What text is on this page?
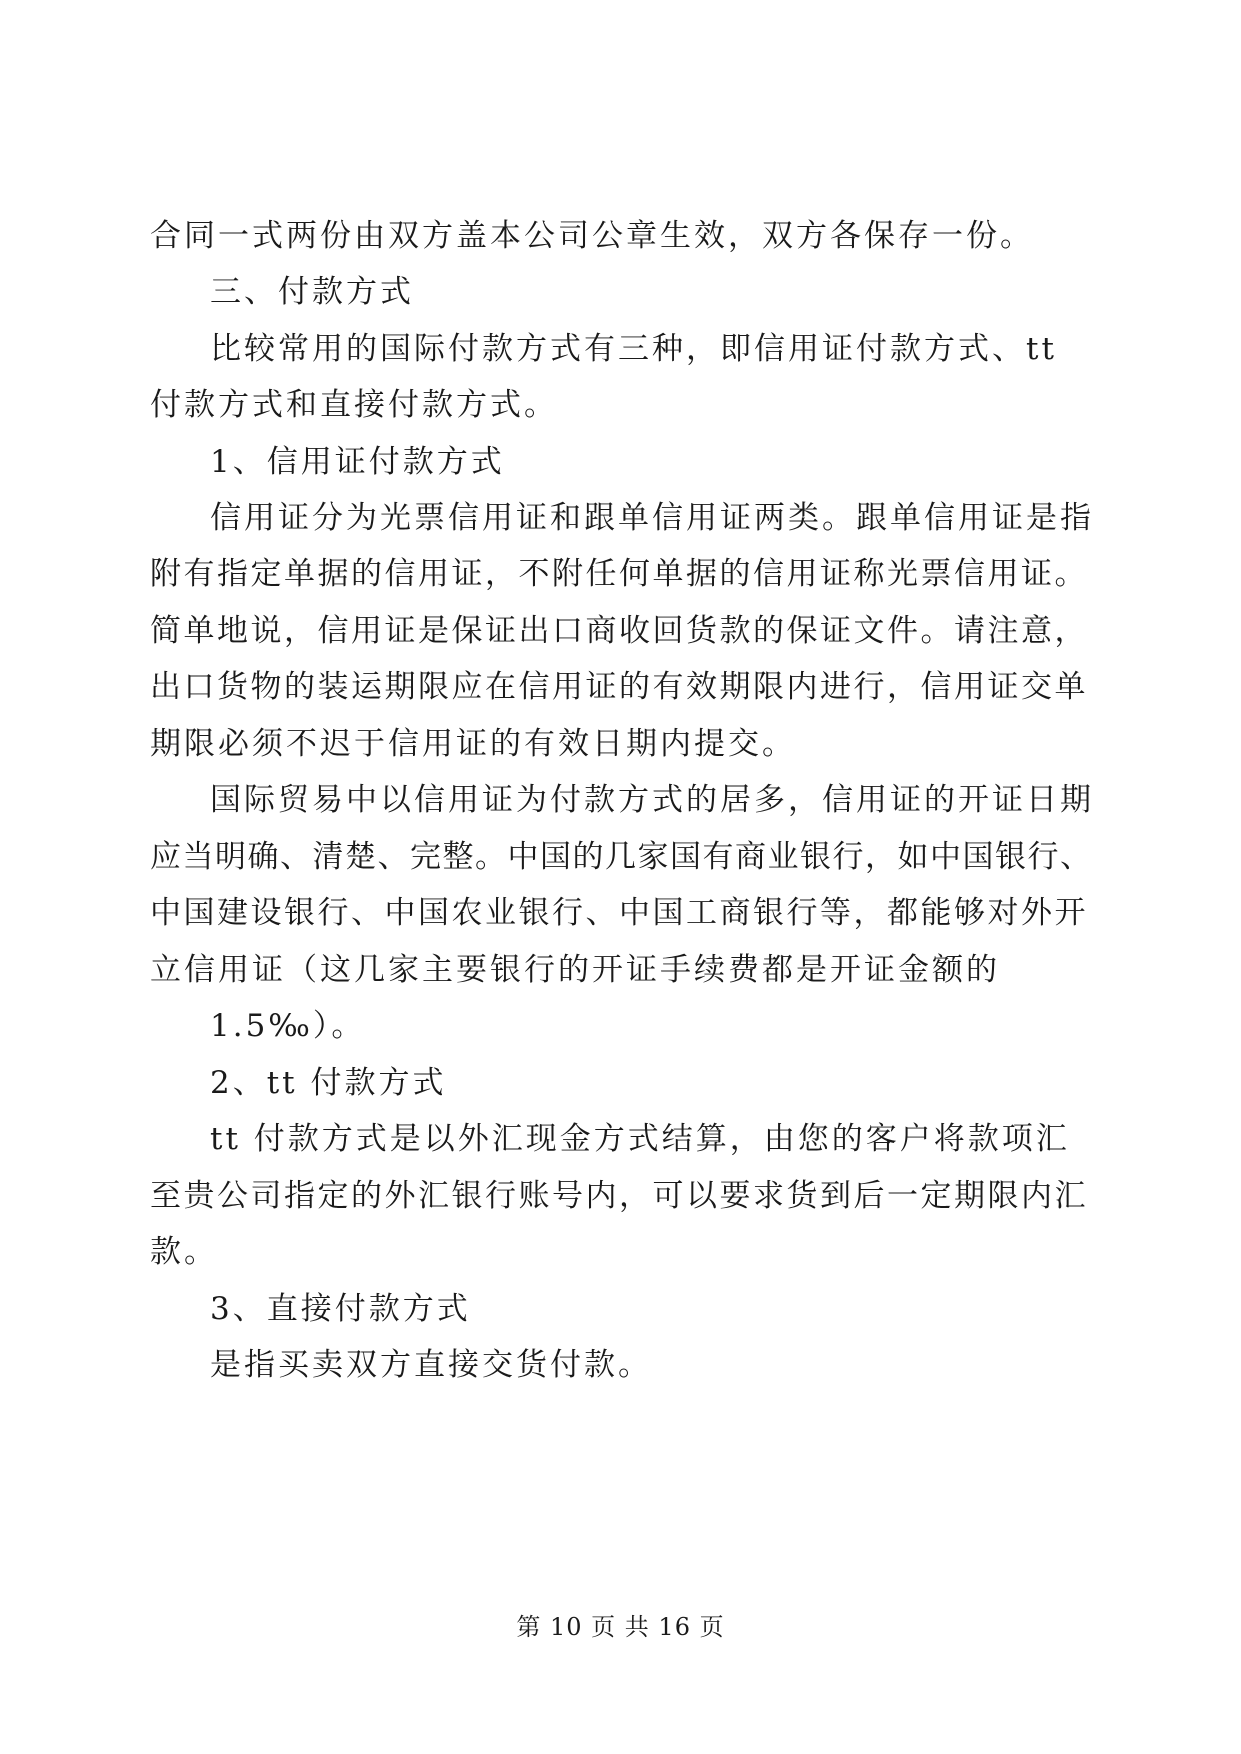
合同一式两份由双方盖本公司公章生效，双方各保存一份。
三、付款方式
比较常用的国际付款方式有三种，即信用证付款方式、tt
付款方式和直接付款方式。
1、信用证付款方式
信用证分为光票信用证和跟单信用证两类。跟单信用证是指
附有指定单据的信用证，不附任何单据的信用证称光票信用证。
简单地说，信用证是保证出口商收回货款的保证文件。请注意，
出口货物的装运期限应在信用证的有效期限内进行，信用证交单
期限必须不迟于信用证的有效日期内提交。
国际贸易中以信用证为付款方式的居多，信用证的开证日期
应当明确、清楚、完整。中国的几家国有商业银行，如中国银行、
中国建设银行、中国农业银行、中国工商银行等，都能够对外开
立信用证（这几家主要银行的开证手续费都是开证金额的
1.5‰）。
2、tt 付款方式
tt 付款方式是以外汇现金方式结算，由您的客户将款项汇
至贵公司指定的外汇银行账号内，可以要求货到后一定期限内汇
款。
3、直接付款方式
是指买卖双方直接交货付款。
第 10 页 共 16 页
